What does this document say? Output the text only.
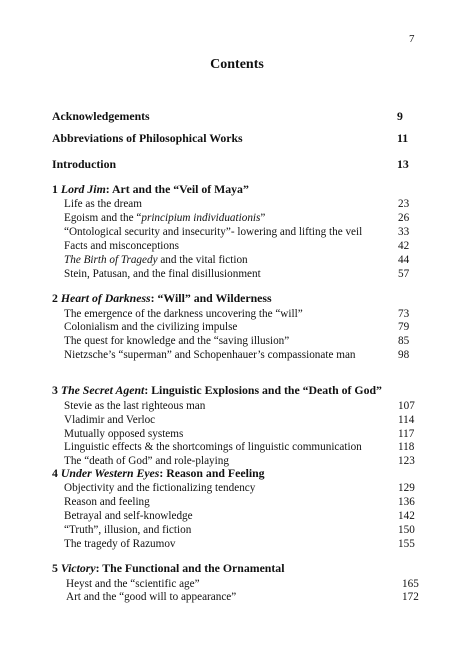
7
Contents
Acknowledgements	9
Abbreviations of Philosophical Works	11
Introduction	13
1 Lord Jim: Art and the “Veil of Maya”
Life as the dream	23
Egoism and the “principium individuationis”	26
“Ontological security and insecurity”- lowering and lifting the veil	33
Facts and misconceptions	42
The Birth of Tragedy and the vital fiction	44
Stein, Patusan, and the final disillusionment	57
2 Heart of Darkness: “Will” and Wilderness
The emergence of the darkness uncovering the “will”	73
Colonialism and the civilizing impulse	79
The quest for knowledge and the “saving illusion”	85
Nietzsche’s “superman” and Schopenhauer’s compassionate man	98
3 The Secret Agent: Linguistic Explosions and the “Death of God”
Stevie as the last righteous man	107
Vladimir and Verloc	114
Mutually opposed systems	117
Linguistic effects & the shortcomings of linguistic communication	118
The “death of God” and role-playing	123
4 Under Western Eyes: Reason and Feeling
Objectivity and the fictionalizing tendency	129
Reason and feeling	136
Betrayal and self-knowledge	142
“Truth”, illusion, and fiction	150
The tragedy of Razumov	155
5 Victory: The Functional and the Ornamental
Heyst and the “scientific age”	165
Art and the “good will to appearance”	172
